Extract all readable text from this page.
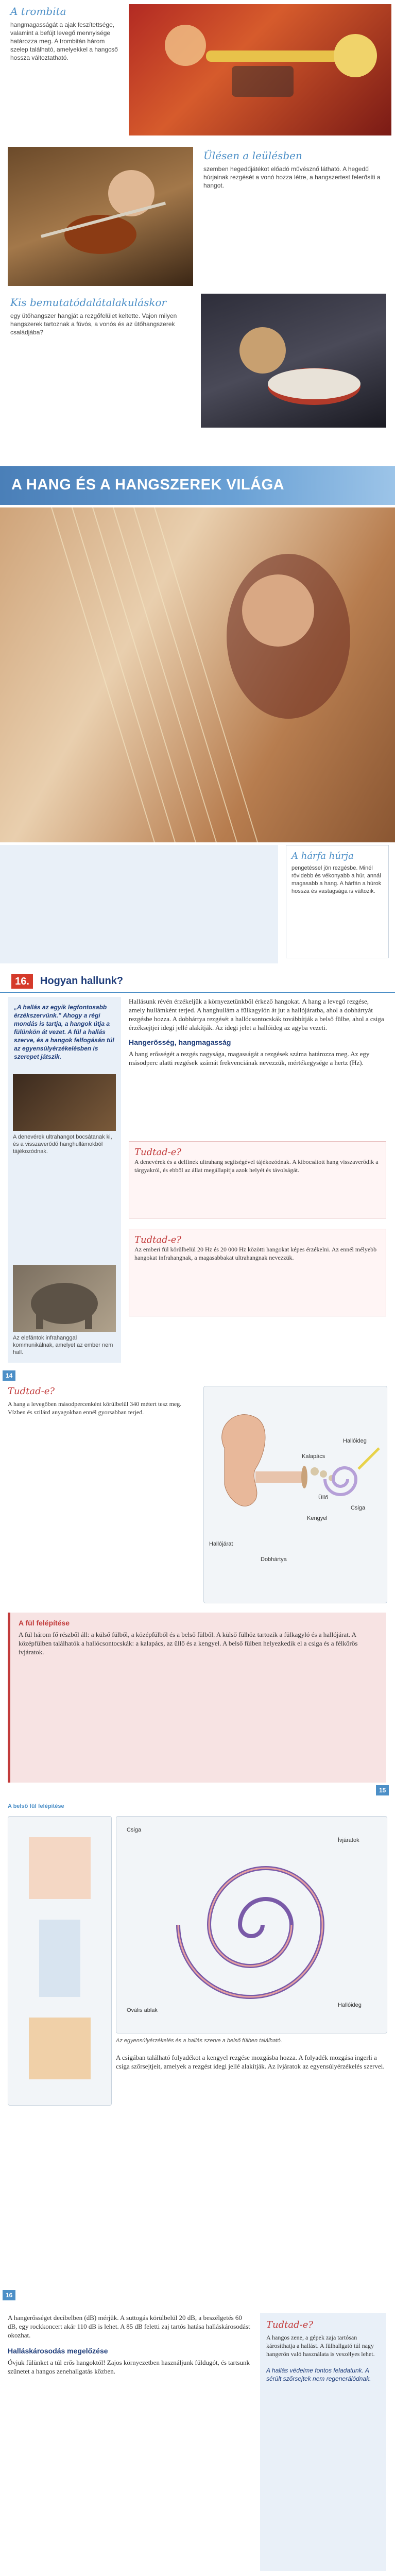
A trombita
hangmagasságát a ajak feszítettsége, valamint a befújt levegő mennyisége határozza meg. A trombitán három szelep található, amelyekkel a hangcső hossza változtatható.
Ülésen a leülésben
szemben hegedűjátékot előadó művésznő látható. A hegedű húrjainak rezgését a vonó hozza létre, a hangszertest felerősíti a hangot.
Kis bemutatódalátalakuláskor
egy ütőhangszer hangját a rezgőfelület keltette. Vajon milyen hangszerek tartoznak a fúvós, a vonós és az ütőhangszerek családjába?
A HANG ÉS A HANGSZEREK VILÁGA
A hárfa húrja
pengetéssel jön rezgésbe. Minél rövidebb és vékonyabb a húr, annál magasabb a hang. A hárfán a húrok hossza és vastagsága is változik.
16.	Hogyan hallunk?
„A hallás az egyik legfontosabb érzékszervünk.” Ahogy a régi mondás is tartja, a hangok útja a fülünkön át vezet. A fül a hallás szerve, és a hangok felfogásán túl az egyensúlyérzékelésben is szerepet játszik.
A denevérek ultrahangot bocsátanak ki, és a visszaverődő hanghullámokból tájékozódnak.
Az elefántok infrahanggal kommunikálnak, amelyet az ember nem hall.
Hallásunk révén érzékeljük a környezetünkből érkező hangokat. A hang a levegő rezgése, amely hullámként terjed. A hanghullám a fülkagylón át jut a hallójáratba, ahol a dobhártyát rezgésbe hozza. A dobhártya rezgését a hallócsontocskák továbbítják a belső fülbe, ahol a csiga érzéksejtjei idegi jellé alakítják. Az idegi jelet a hallóideg az agyba vezeti.
Hangerősség, hangmagasság
A hang erősségét a rezgés nagysága, magasságát a rezgések száma határozza meg. Az egy másodperc alatti rezgések számát frekvenciának nevezzük, mértékegysége a hertz (Hz).
Tudtad-e?
A denevérek és a delfinek ultrahang segítségével tájékozódnak. A kibocsátott hang visszaverődik a tárgyakról, és ebből az állat megállapítja azok helyét és távolságát.
Tudtad-e?
Az emberi fül körülbelül 20 Hz és 20 000 Hz közötti hangokat képes érzékelni. Az ennél mélyebb hangokat infrahangnak, a magasabbakat ultrahangnak nevezzük.
14
Tudtad-e?
A hang a levegőben másodpercenként körülbelül 340 métert tesz meg. Vízben és szilárd anyagokban ennél gyorsabban terjed.
Hallójárat
Dobhártya
Kalapács
Üllő
Kengyel
Csiga
Hallóideg
A fül felépítése
A fül három fő részből áll: a külső fülből, a középfülből és a belső fülből. A külső fülhöz tartozik a fülkagyló és a hallójárat. A középfülben találhatók a hallócsontocskák: a kalapács, az üllő és a kengyel. A belső fülben helyezkedik el a csiga és a félkörös ívjáratok.
15
A belső fül felépítése
Csiga
Ívjáratok
Hallóideg
Ovális ablak
Az egyensúlyérzékelés és a hallás szerve a belső fülben található.
A csigában található folyadékot a kengyel rezgése mozgásba hozza. A folyadék mozgása ingerli a csiga szőrsejtjeit, amelyek a rezgést idegi jellé alakítják. Az ívjáratok az egyensúlyérzékelés szervei.
16
A hangerősséget decibelben (dB) mérjük. A suttogás körülbelül 20 dB, a beszélgetés 60 dB, egy rockkoncert akár 110 dB is lehet. A 85 dB feletti zaj tartós hatása halláskárosodást okozhat.
Halláskárosodás megelőzése
Óvjuk fülünket a túl erős hangoktól! Zajos környezetben használjunk füldugót, és tartsunk szünetet a hangos zenehallgatás közben.
Tudtad-e?
A hangos zene, a gépek zaja tartósan károsíthatja a hallást. A fülhallgató túl nagy hangerőn való használata is veszélyes lehet.
A hallás védelme fontos feladatunk. A sérült szőrsejtek nem regenerálódnak.
